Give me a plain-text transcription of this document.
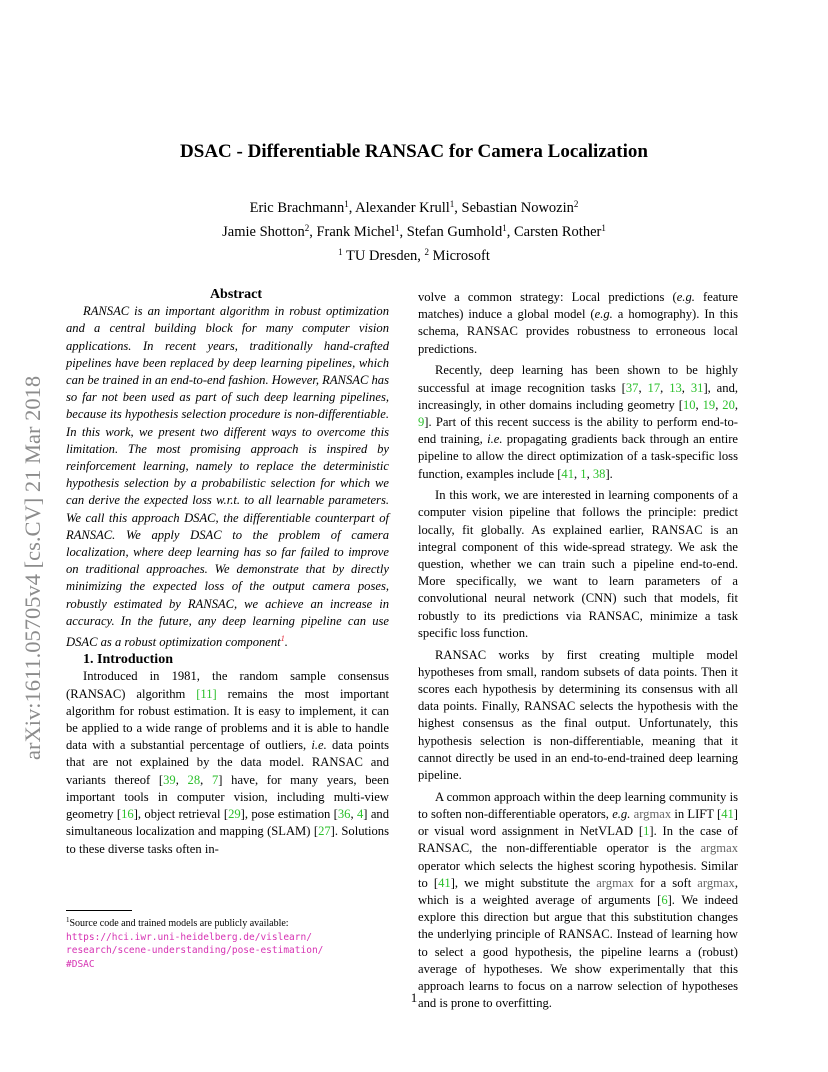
DSAC - Differentiable RANSAC for Camera Localization
Eric Brachmann$^1$, Alexander Krull$^1$, Sebastian Nowozin$^2$
Jamie Shotton$^2$, Frank Michel$^1$, Stefan Gumhold$^1$, Carsten Rother$^1$
$^1$ TU Dresden, $^2$ Microsoft
arXiv:1611.05705v4 [cs.CV] 21 Mar 2018

Abstract

RANSAC is an important algorithm in robust optimization and a central building block for many computer vision applications. In recent years, traditionally hand-crafted pipelines have been replaced by deep learning pipelines, which can be trained in an end-to-end fashion. However, RANSAC has so far not been used as part of such deep learning pipelines, because its hypothesis selection procedure is non-differentiable. In this work, we present two different ways to overcome this limitation. The most promising approach is inspired by reinforcement learning, namely to replace the deterministic hypothesis selection by a probabilistic selection for which we can derive the expected loss w.r.t. to all learnable parameters. We call this approach DSAC, the differentiable counterpart of RANSAC. We apply DSAC to the problem of camera localization, where deep learning has so far failed to improve on traditional approaches. We demonstrate that by directly minimizing the expected loss of the output camera poses, robustly estimated by RANSAC, we achieve an increase in accuracy. In the future, any deep learning pipeline can use DSAC as a robust optimization component$^1$.

1. Introduction

Introduced in 1981, the random sample consensus (RANSAC) algorithm [11] remains the most important algorithm for robust estimation. It is easy to implement, it can be applied to a wide range of problems and it is able to handle data with a substantial percentage of outliers, i.e. data points that are not explained by the data model. RANSAC and variants thereof [39, 28, 7] have, for many years, been important tools in computer vision, including multi-view geometry [16], object retrieval [29], pose estimation [36, 4] and simultaneous localization and mapping (SLAM) [27]. Solutions to these diverse tasks often in-

volve a common strategy: Local predictions (e.g. feature matches) induce a global model (e.g. a homography). In this schema, RANSAC provides robustness to erroneous local predictions.

Recently, deep learning has been shown to be highly successful at image recognition tasks [37, 17, 13, 31], and, increasingly, in other domains including geometry [10, 19, 20, 9]. Part of this recent success is the ability to perform end-to-end training, i.e. propagating gradients back through an entire pipeline to allow the direct optimization of a task-specific loss function, examples include [41, 1, 38].

In this work, we are interested in learning components of a computer vision pipeline that follows the principle: predict locally, fit globally. As explained earlier, RANSAC is an integral component of this wide-spread strategy. We ask the question, whether we can train such a pipeline end-to-end. More specifically, we want to learn parameters of a convolutional neural network (CNN) such that models, fit robustly to its predictions via RANSAC, minimize a task specific loss function.

RANSAC works by first creating multiple model hypotheses from small, random subsets of data points. Then it scores each hypothesis by determining its consensus with all data points. Finally, RANSAC selects the hypothesis with the highest consensus as the final output. Unfortunately, this hypothesis selection is non-differentiable, meaning that it cannot directly be used in an end-to-end-trained deep learning pipeline.

A common approach within the deep learning community is to soften non-differentiable operators, e.g. argmax in LIFT [41] or visual word assignment in NetVLAD [1]. In the case of RANSAC, the non-differentiable operator is the argmax operator which selects the highest scoring hypothesis. Similar to [41], we might substitute the argmax for a soft argmax, which is a weighted average of arguments [6]. We indeed explore this direction but argue that this substitution changes the underlying principle of RANSAC. Instead of learning how to select a good hypothesis, the pipeline learns a (robust) average of hypotheses. We show experimentally that this approach learns to focus on a narrow selection of hypotheses and is prone to overfitting.

$^1$Source code and trained models are publicly available:
https://hci.iwr.uni-heidelberg.de/vislearn/
research/scene-understanding/pose-estimation/
#DSAC
1
